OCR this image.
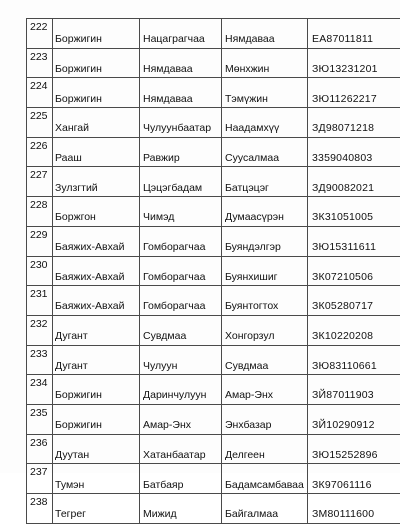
222	Боржигин	Нацаграгчаа	Нямдаваа	ЕА87011811	
223	Боржигин	Нямдаваа	Мөнхжин	ЗЮ13231201	
224	Боржигин	Нямдаваа	Тэмүжин	ЗЮ11262217	
225	Хангай	Чулуунбаатар	Наадамхүү	ЗД98071218	
226	Рааш	Равжир	Суусалмаа	3359040803	
227	Зулзгтий	Цэцэгбадам	Батцэцэг	ЗД90082021	
228	Боржгон	Чимэд	Думаасүрэн	ЗК31051005	
229	Баяжих-Авхай	Гомборагчаа	Буяндэлгэр	ЗЮ15311611	
230	Баяжих-Авхай	Гомборагчаа	Буянхишиг	ЗК07210506	
231	Баяжих-Авхай	Гомборагчаа	Буянтогтох	ЗК05280717	
232	Дугант	Сувдмаа	Хонгорзул	ЗК10220208	
233	Дугант	Чулуун	Сувдмаа	ЗЮ83110661	
234	Боржигин	Даринчулуун	Амар-Энх	ЗЙ87011903	
235	Боржигин	Амар-Энх	Энхбазар	ЗЙ10290912	
236	Дуутан	Хатанбаатар	Делгеен	ЗЮ15252896	
237	Тумэн	Батбаяр	Бадамсамбаваа	ЗК97061116	
238	Тегрег	Мижид	Байгалмаа	ЗМ80111600	
